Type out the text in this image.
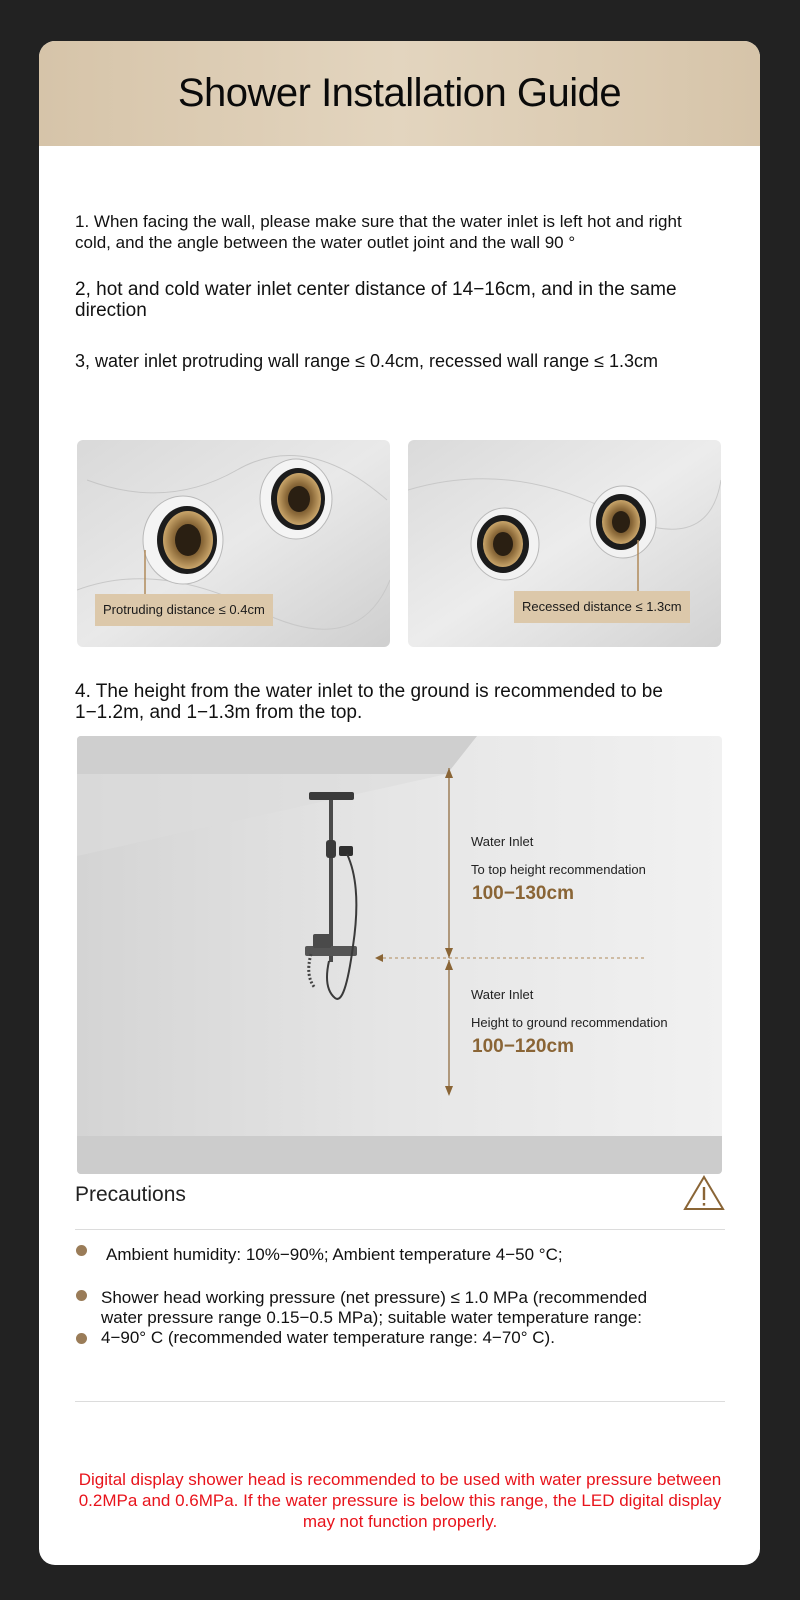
Shower Installation Guide

1. When facing the wall, please make sure that the water inlet is left hot and right cold, and the angle between the water outlet joint and the wall 90 °

2, hot and cold water inlet center distance of 14−16cm, and in the same direction

3, water inlet protruding wall range ≤ 0.4cm, recessed wall range ≤ 1.3cm

Protruding distance ≤ 0.4cm	Recessed distance ≤ 1.3cm

4. The height from the water inlet to the ground is recommended to be 1−1.2m, and 1−1.3m from the top.

Water Inlet
To top height recommendation
100−130cm
Water Inlet
Height to ground recommendation
100−120cm
Precautions

Ambient humidity: 10%−90%; Ambient temperature 4−50 °C;

Shower head working pressure (net pressure) ≤ 1.0 MPa (recommended water pressure range 0.15−0.5 MPa); suitable water temperature range: 4−90° C (recommended water temperature range: 4−70° C).

Digital display shower head is recommended to be used with water pressure between 0.2MPa and 0.6MPa. If the water pressure is below this range, the LED digital display may not function properly.
